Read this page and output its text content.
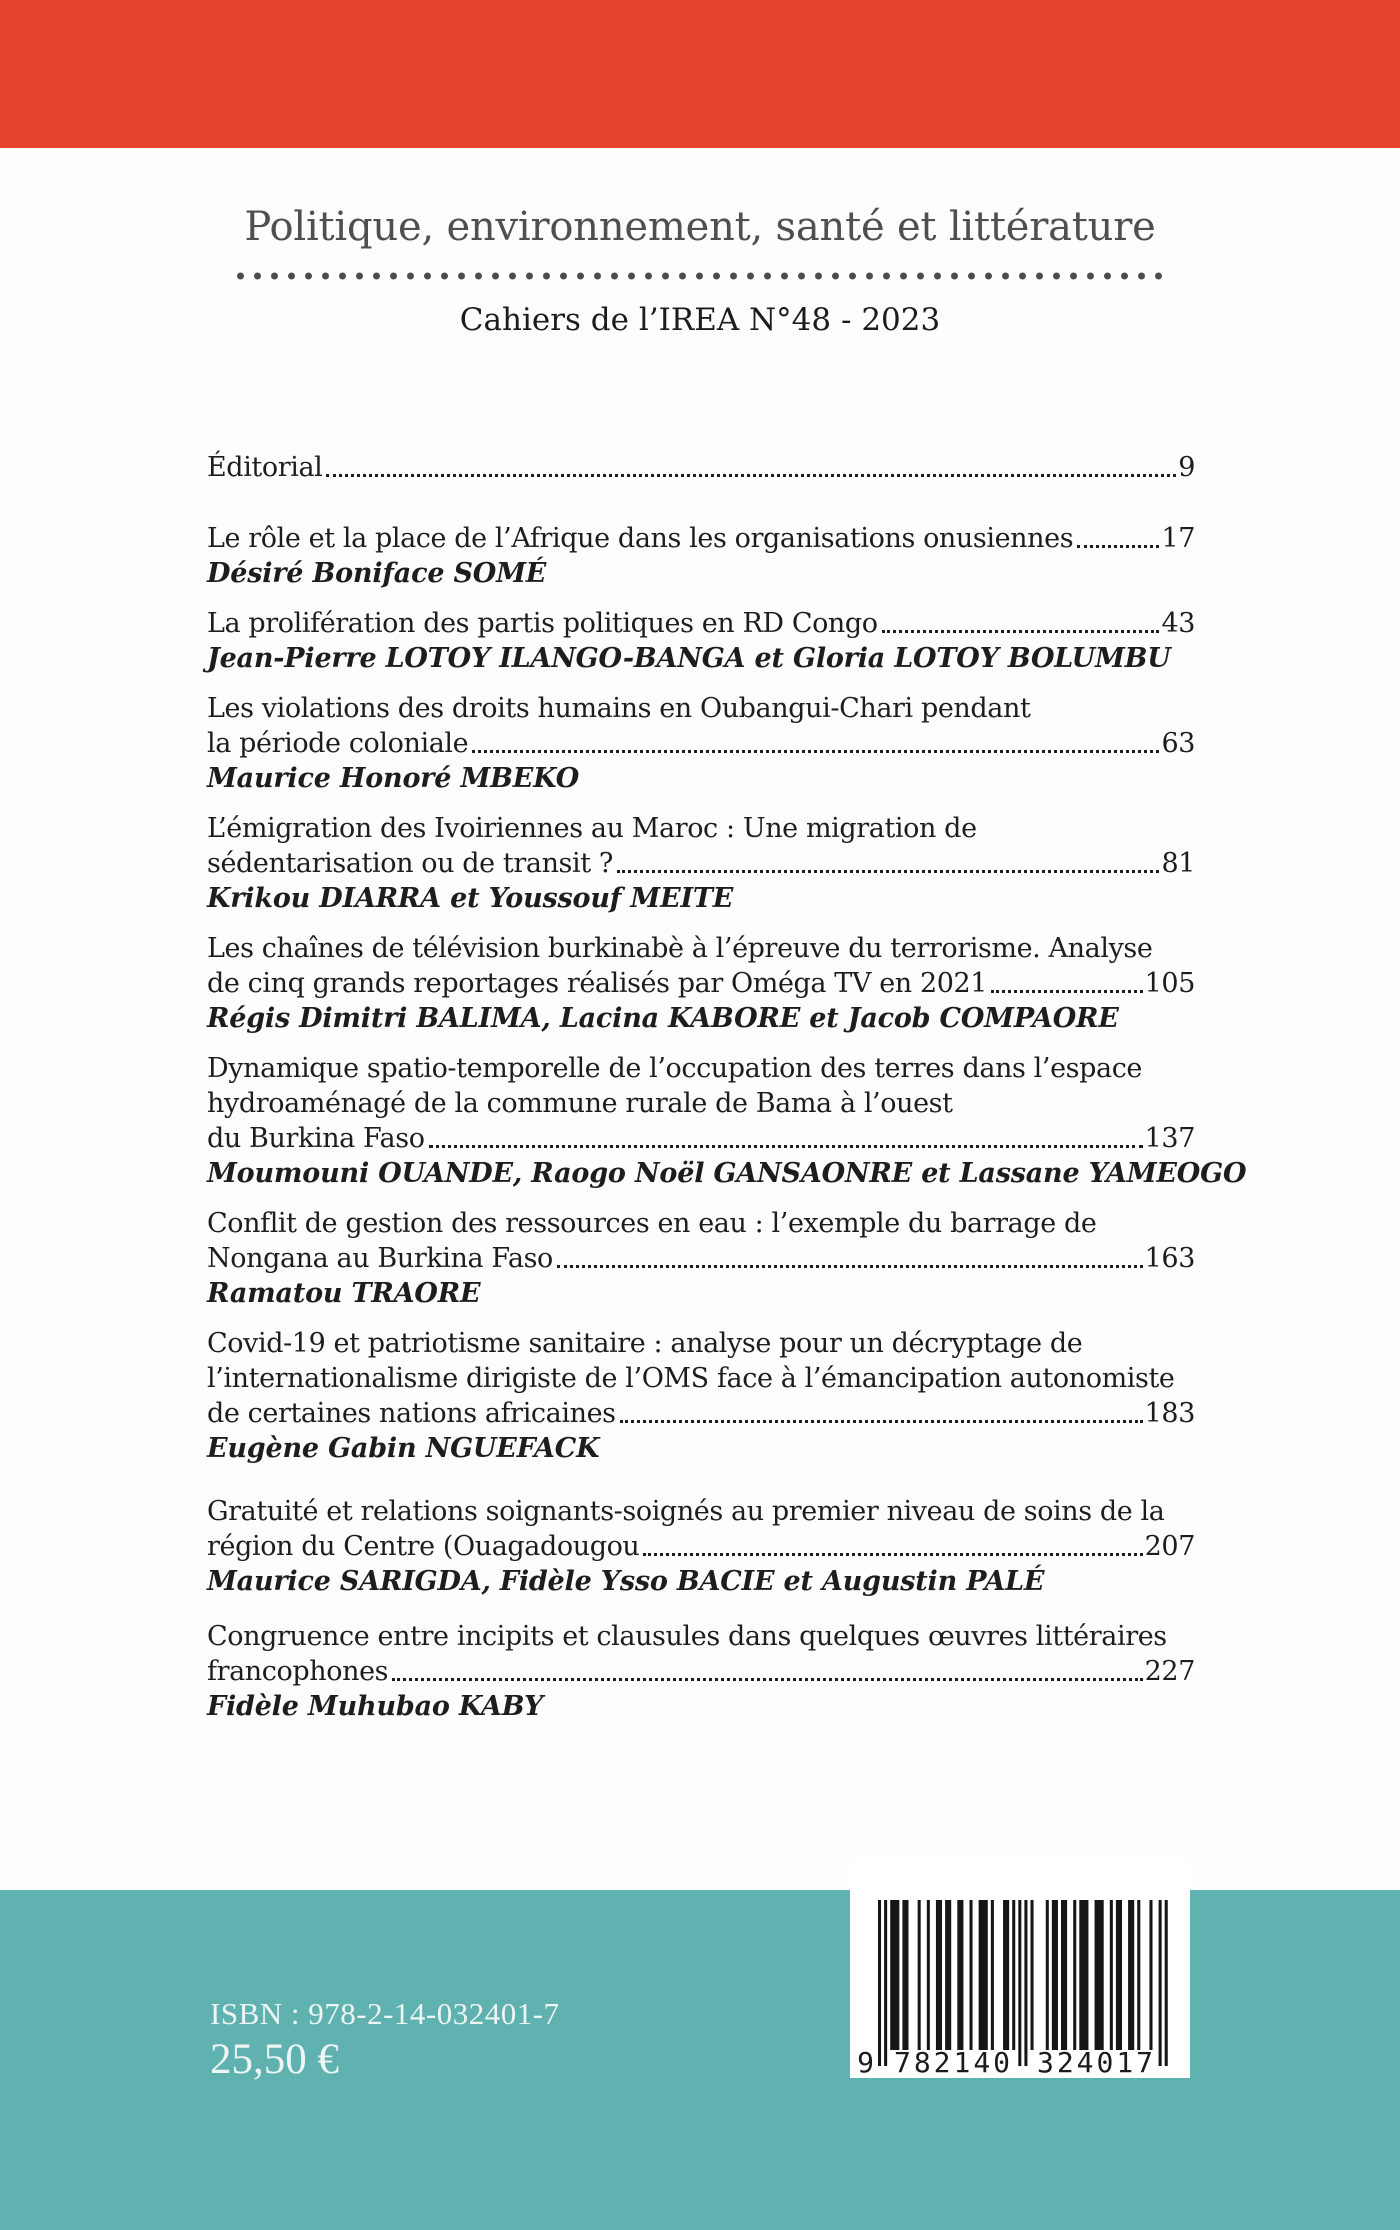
Politique, environnement, santé et littérature
Cahiers de l’IREA N°48 - 2023
Éditorial	9
Le rôle et la place de l’Afrique dans les organisations onusiennes	17
Désiré Boniface SOMÉ
La prolifération des partis politiques en RD Congo	43
Jean-Pierre LOTOY ILANGO-BANGA et Gloria LOTOY BOLUMBU
Les violations des droits humains en Oubangui-Chari pendant
la période coloniale	63
Maurice Honoré MBEKO
L’émigration des Ivoiriennes au Maroc : Une migration de
sédentarisation ou de transit ?	81
Krikou DIARRA et Youssouf MEITE
Les chaînes de télévision burkinabè à l’épreuve du terrorisme. Analyse
de cinq grands reportages réalisés par Oméga TV en 2021	105
Régis Dimitri BALIMA, Lacina KABORE et Jacob COMPAORE
Dynamique spatio-temporelle de l’occupation des terres dans l’espace
hydroaménagé de la commune rurale de Bama à l’ouest
du Burkina Faso	137
Moumouni OUANDE, Raogo Noël GANSAONRE et Lassane YAMEOGO
Conflit de gestion des ressources en eau : l’exemple du barrage de
Nongana au Burkina Faso	163
Ramatou TRAORE
Covid-19 et patriotisme sanitaire : analyse pour un décryptage de
l’internationalisme dirigiste de l’OMS face à l’émancipation autonomiste
de certaines nations africaines	183
Eugène Gabin NGUEFACK
Gratuité et relations soignants-soignés au premier niveau de soins de la
région du Centre (Ouagadougou	207
Maurice SARIGDA, Fidèle Ysso BACIE et Augustin PALÉ
Congruence entre incipits et clausules dans quelques œuvres littéraires
francophones	227
Fidèle Muhubao KABY
ISBN : 978-2-14-032401-7
25,50 €	9 782140 324017
